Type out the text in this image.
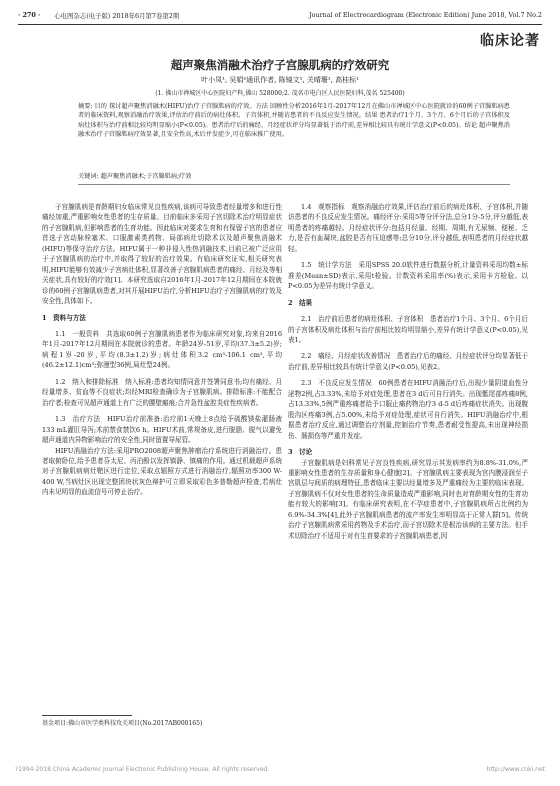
· 270 · 心电图杂志(电子版) 2018年6月第7卷第2期	Journal of Electrocardiogram (Electronic Edition) June 2018, Vol.7 No.2
临床论著
超声聚焦消融术治疗子宫腺肌病的疗效研究
叶小凤¹, 吴娟²通讯作者, 陈镜文¹, 关晴珊¹, 高桂标¹
(1. 佛山市禅城区中心医院妇产科,佛山 528000;2. 茂名市电白区人民医院妇科,茂名 525400)
摘要: 目的 探讨超声聚焦消融术(HIFU)治疗子宫腺肌病的疗效。方法 回顾性分析2016年1月-2017年12月在佛山市禅城区中心医院就诊的60例子宫腺肌病患者的临床资料,观察消融治疗效果,评估治疗前后的病灶体积、子宫体积,并随访患者的不良反应发生情况。结果 患者治疗1个月、3个月、6个月后的子宫体积及病灶体积与治疗前相比较均明显缩小(P<0.05)。患者治疗后的痛经、月经症状评分均显著低于治疗前,差异相比较具有统计学意义(P<0.05)。结论 超声聚焦消融术治疗子宫腺肌病疗效显著,且安全性高,术后并发症少,可在临床推广使用。
关键词: 超声聚焦消融术;子宫腺肌病;疗效

子宫腺肌病是育龄期妇女临床常见良性疾病,该病可导致患者经量增多和进行性痛经加重,严重影响女性患者的生存质量。目前临床多采用子宫切除术治疗明显症状的子宫腺肌病,但影响患者的生育功能。因此临床对要求生育和有保留子宫的患者应首选子宫动脉栓塞术、口服激素类药物、局部病灶切除术以及超声聚焦消融术(HIFU)等保守治疗方法。HIFU属于一种非侵入性热消融技术,目前已被广泛应用于子宫腺肌病的治疗中,并取得了较好的治疗效果。有临床研究证实,相关研究表明,HIFU能够有效减少子宫病灶体积,显著改善子宫腺肌病患者的痛经、月经及等相关症状,具有较好的疗效[1]。本研究选取自2016年1月-2017年12月期间在本院就诊的60例子宫腺肌病患者,对其开展HIFU治疗,分析HIFU治疗子宫腺肌病的疗效及安全性,具体如下。

1　资料与方法

1.1　一般资料　共选取60例子宫腺肌病患者作为临床研究对象,均来自2016年1月-2017年12月期间在本院就诊的患者。年龄24岁-51岁,平均(37.3±5.2)岁;病程1岁-20岁,平均(8.3±1.2)岁;病灶体积3.2 cm³-106.1 cm³,平均(46.2±12.1)cm³;弥漫型36例,局灶型24例。

1.2　纳入和排除标准　纳入标准:患者均知情同意并签署同意书;均有痛经、月经量增多、贫血等不良症状;均经MRI检查确诊为子宫腺肌病。排除标准:不能配合治疗者;检查可见超声通道上有广泛的腰壁瘢痕;合并急性盆腔炎症性疾病者。

1.3　治疗方法　HIFU治疗前准备:治疗前1天晚上8点给予硫酸镁盐灌肠液133 mL灌肛导泻;术前禁食禁饮6 h。HIFU术前,常规备皮,进行脱脂、脱气以避免超声通道内异物影响治疗的安全性,同时留置导尿管。

HIFU消融治疗方法:采用PRO2008超声聚焦肿瘤治疗系统进行消融治疗。患者取俯卧位,给予患者芬太尼、丙泊酚以发挥镇静、镇痛的作用。通过机载超声系统对子宫腺肌病病灶靶区进行定位,采取点辐照方式进行消融治疗,辐照功率300 W-400 W,当病灶区出现完整团块状灰色辩护可立即采取彩色多普勒超声检查,若病灶内未见明显的血流信号可停止治疗。

1.4　观察指标　观察消融治疗效果,评估治疗前后的病灶体积、子宫体积,并随访患者的不良反应发生情况。痛经评分:采用5等分评分法,总分1分-5分,评分越低,表明患者的疼痛越轻。月经症状评分:包括月经量、经期、周期,有无尿频、便秘、乏力,是否有血凝块,盆腔是否有压迫感等;总分10分,评分越低,表明患者的月经症状越轻。

1.5　统计学方法　采用SPSS 20.0软件进行数据分析,计量资料采用均数±标准差(Mean±SD)表示,采用t检验。计数资料采用率(%)表示,采用卡方检验。以P<0.05为差异有统计学意义。

2　结果

2.1　治疗前后患者的病灶体积、子宫体积　患者治疗1个月、3个月、6个月后的子宫体积及病灶体积与治疗前相比较均明显缩小,差异有统计学意义(P<0.05),见表1。

2.2　痛经、月经症状改善情况　患者治疗后的痛经、月经症状评分均显著低于治疗前,差异相比较具有统计学意义(P<0.05),见表2。

2.3　不良反应发生情况　60例患者在HIFU消融治疗后,出现少量阴道血性分泌物2例,占3.33%,未给予对症处理,患者在3 d后可自行消失。出现骶尾部疼痛8例,占13.33%,5例严重疼痛者给予口服止痛药物治疗3 d-5 d后疼痛症状消失。出现腹股沟区疼痛3例,占5.00%,未给予对症处理,症状可自行消失。HIFU消融治疗中,根据患者治疗反应,通过调整治疗剂量,控制治疗节奏,患者耐受性提高,未出现神经损伤、肠损伤等严重并发症。

3　讨论

子宫腺肌病是妇科常见子宫良性疾病,研究显示其发病率约为8.8%-31.0%,严重影响女性患者的生存质量和身心健康[2]。子宫腺肌病主要表现为宫内膜浸润至子宫肌层与间质的病理特征,患者临床主要以经量增多及严重痛经为主要的临床表现。子宫腺肌病不仅对女性患者的生命质量造成严重影响,同时也对育龄期女性的生育功能有较大的影响[3]。有临床研究表明,在不孕症患者中,子宫腺肌病所占比例约为6.9%-34.3%[4],此外子宫腺肌病患者的流产率发生率明显高于正常人群[5]。传统治疗子宫腺肌病常采用药物及手术治疗,而子宫切除术是根治该病的主要方法。但手术切除治疗不适用于对有生育要求的子宫腺肌病患者,因

基金项目:佛山市医学类科技攻关项目(No.2017AB000165)
?1994-2018 China Academic Journal Electronic Publishing House. All rights reserved.	http://www.cnki.net
